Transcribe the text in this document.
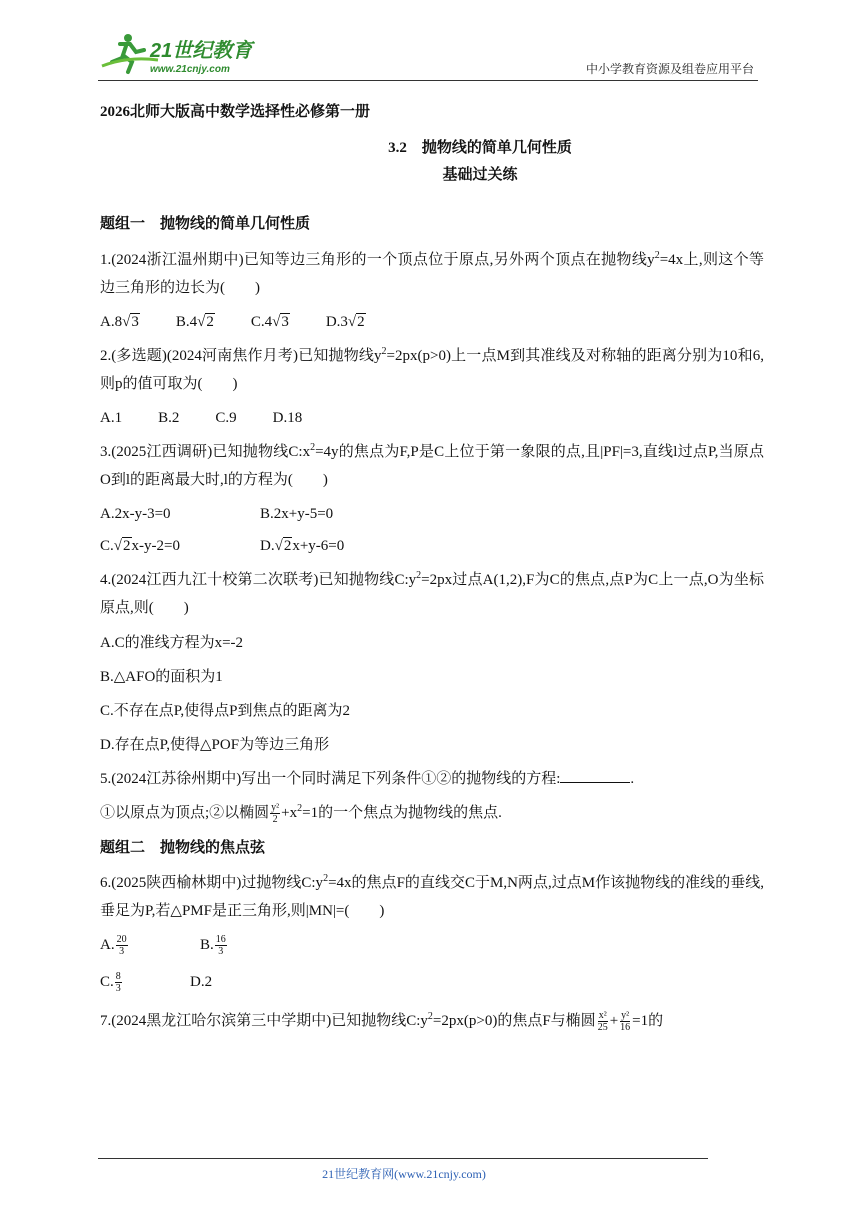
21世纪教育
www.21cnjy.com	中小学教育资源及组卷应用平台
2026北师大版高中数学选择性必修第一册
3.2　抛物线的简单几何性质
基础过关练
题组一　抛物线的简单几何性质
1.(2024浙江温州期中)已知等边三角形的一个顶点位于原点,另外两个顶点在抛物线$y^2=4x$上,则这个等边三角形的边长为(　　)
A.8√3 B.4√2 C.4√3 D.3√2
2.(多选题)(2024河南焦作月考)已知抛物线$y^2=2px(p>0)$上一点M到其准线及对称轴的距离分别为10和6,则p的值可取为(　　)
A.1 B.2 C.9 D.18
3.(2025江西调研)已知抛物线$C:x^2=4y$的焦点为F,P是C上位于第一象限的点,且|PF|=3,直线l过点P,当原点O到l的距离最大时,l的方程为(　　)
A.2x-y-3=0	B.2x+y-5=0
C.√2x-y-2=0	D.√2x+y-6=0
4.(2024江西九江十校第二次联考)已知抛物线$C:y^2=2px$过点A(1,2),F为C的焦点,点P为C上一点,O为坐标原点,则(　　)
A.C的准线方程为x=-2
B.△AFO的面积为1
C.不存在点P,使得点P到焦点的距离为2
D.存在点P,使得△POF为等边三角形
5.(2024江苏徐州期中)写出一个同时满足下列条件①②的抛物线的方程:	.
①以原点为顶点;②以椭圆 $\frac{\text{y²}}{2} +x^2=1$的一个焦点为抛物线的焦点.
题组二　抛物线的焦点弦
6.(2025陕西榆林期中)过抛物线$C:y^2=4x$的焦点F的直线交C于M,N两点,过点M作该抛物线的准线的垂线,垂足为P,若△PMF是正三角形,则|MN|=(　　)
A. $\frac{20}{3}$	B. $\frac{16}{3}$
C. $\frac{8}{3}$	D.2
7.(2024黑龙江哈尔滨第三中学期中)已知抛物线$C:y^2=2px(p>0)$的焦点F与椭圆 $\frac{\text{x²}}{25} + \frac{\text{y²}}{16} =1$的
21世纪教育网(www.21cnjy.com)
